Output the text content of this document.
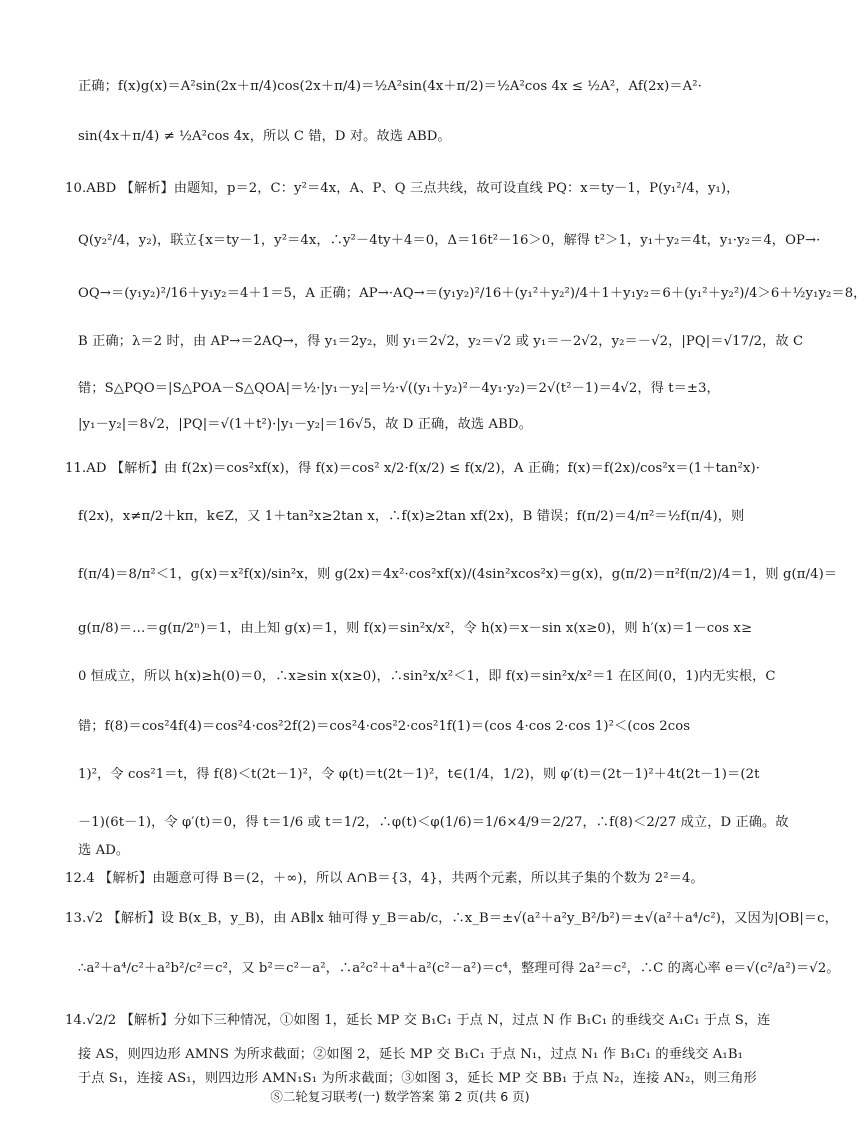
正确；f(x)g(x)＝A²sin(2x＋π/4)cos(2x＋π/4)＝½A²sin(4x＋π/2)＝½A²cos 4x ≤ ½A²，Af(2x)＝A²·
sin(4x＋π/4) ≠ ½A²cos 4x，所以 C 错，D 对。故选 ABD。
10.ABD 【解析】由题知，p＝2，C：y²＝4x，A、P、Q 三点共线，故可设直线 PQ：x＝ty－1，P(y₁²/4，y₁)，
Q(y₂²/4，y₂)，联立{x＝ty－1，y²＝4x，∴y²－4ty＋4＝0，Δ＝16t²－16＞0，解得 t²＞1，y₁＋y₂＝4t，y₁·y₂＝4，OP→·
OQ→＝(y₁y₂)²/16＋y₁y₂＝4＋1＝5，A 正确；AP→·AQ→＝(y₁y₂)²/16＋(y₁²＋y₂²)/4＋1＋y₁y₂＝6＋(y₁²＋y₂²)/4＞6＋½y₁y₂＝8，
B 正确；λ＝2 时，由 AP→＝2AQ→，得 y₁＝2y₂，则 y₁＝2√2，y₂＝√2 或 y₁＝－2√2，y₂＝－√2，|PQ|＝√17/2，故 C
错；S△PQO＝|S△POA－S△QOA|＝½·|y₁－y₂|＝½·√((y₁＋y₂)²－4y₁·y₂)＝2√(t²－1)＝4√2，得 t＝±3，
|y₁－y₂|＝8√2，|PQ|＝√(1＋t²)·|y₁－y₂|＝16√5，故 D 正确，故选 ABD。
11.AD 【解析】由 f(2x)＝cos²xf(x)，得 f(x)＝cos² x/2·f(x/2) ≤ f(x/2)，A 正确；f(x)＝f(2x)/cos²x＝(1＋tan²x)·
f(2x)，x≠π/2＋kπ，k∈Z，又 1＋tan²x≥2tan x，∴f(x)≥2tan xf(2x)，B 错误；f(π/2)＝4/π²＝½f(π/4)，则
f(π/4)＝8/π²＜1，g(x)＝x²f(x)/sin²x，则 g(2x)＝4x²·cos²xf(x)/(4sin²xcos²x)＝g(x)，g(π/2)＝π²f(π/2)/4＝1，则 g(π/4)＝
g(π/8)＝…＝g(π/2ⁿ)＝1，由上知 g(x)＝1，则 f(x)＝sin²x/x²，令 h(x)＝x－sin x(x≥0)，则 h′(x)＝1－cos x≥
0 恒成立，所以 h(x)≥h(0)＝0，∴x≥sin x(x≥0)，∴sin²x/x²＜1，即 f(x)＝sin²x/x²＝1 在区间(0，1)内无实根，C
错；f(8)＝cos²4f(4)＝cos²4·cos²2f(2)＝cos²4·cos²2·cos²1f(1)＝(cos 4·cos 2·cos 1)²＜(cos 2cos
1)²，令 cos²1＝t，得 f(8)＜t(2t－1)²，令 φ(t)＝t(2t－1)²，t∈(1/4，1/2)，则 φ′(t)＝(2t－1)²＋4t(2t－1)＝(2t
－1)(6t－1)，令 φ′(t)＝0，得 t＝1/6 或 t＝1/2，∴φ(t)＜φ(1/6)＝1/6×4/9＝2/27，∴f(8)＜2/27 成立，D 正确。故
选 AD。
12.4 【解析】由题意可得 B＝(2，＋∞)，所以 A∩B＝{3，4}，共两个元素，所以其子集的个数为 2²＝4。
13.√2 【解析】设 B(x_B，y_B)，由 AB∥x 轴可得 y_B＝ab/c，∴x_B＝±√(a²＋a²y_B²/b²)＝±√(a²＋a⁴/c²)，又因为|OB|＝c，
∴a²＋a⁴/c²＋a²b²/c²＝c²，又 b²＝c²－a²，∴a²c²＋a⁴＋a²(c²－a²)＝c⁴，整理可得 2a²＝c²，∴C 的离心率 e＝√(c²/a²)＝√2。
14.√2/2 【解析】分如下三种情况，①如图 1，延长 MP 交 B₁C₁ 于点 N，过点 N 作 B₁C₁ 的垂线交 A₁C₁ 于点 S，连
接 AS，则四边形 AMNS 为所求截面；②如图 2，延长 MP 交 B₁C₁ 于点 N₁，过点 N₁ 作 B₁C₁ 的垂线交 A₁B₁
于点 S₁，连接 AS₁，则四边形 AMN₁S₁ 为所求截面；③如图 3，延长 MP 交 BB₁ 于点 N₂，连接 AN₂，则三角形
Ⓢ二轮复习联考(一) 数学答案 第 2 页(共 6 页)
